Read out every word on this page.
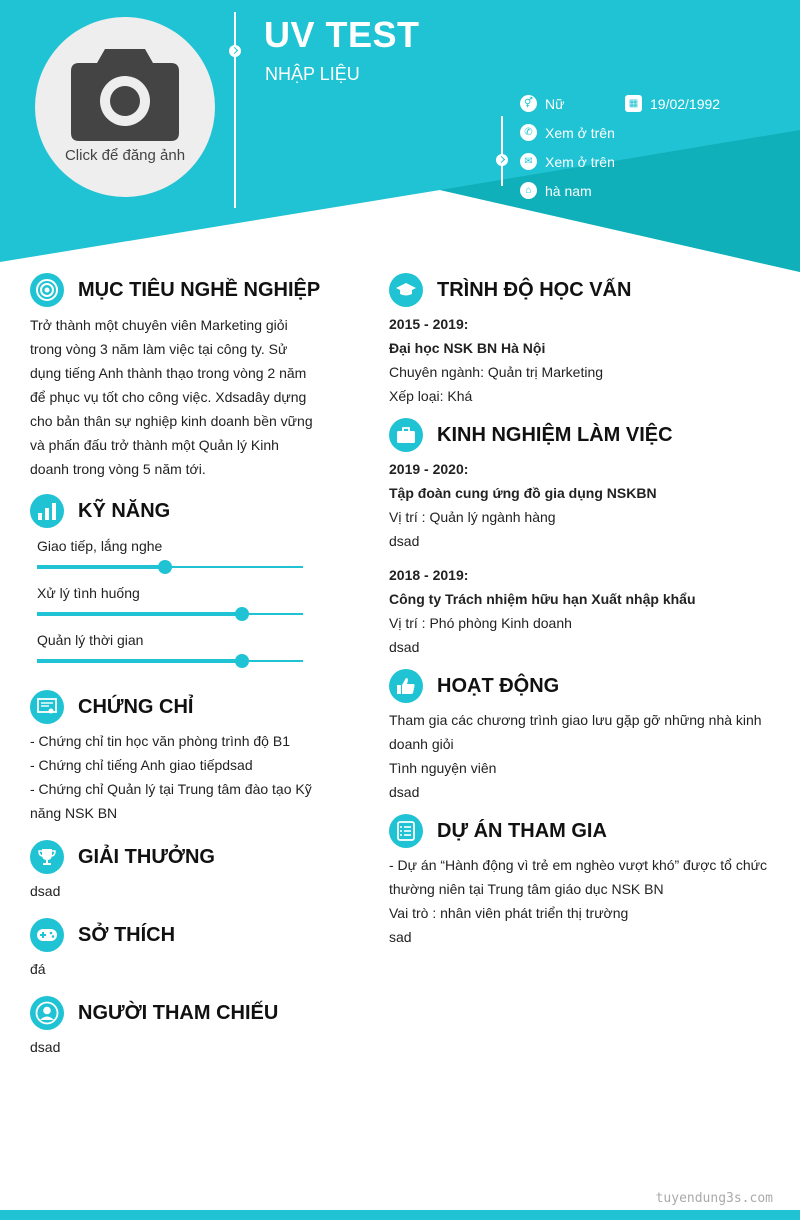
Click để đăng ảnh
UV TEST
NHẬP LIỆU
⚥ Nữ	▦ 19/02/1992
✆ Xem ở trên
✉ Xem ở trên
⌂ hà nam
MỤC TIÊU NGHỀ NGHIỆP
Trở thành một chuyên viên Marketing giỏi
trong vòng 3 năm làm việc tại công ty. Sử
dụng tiếng Anh thành thạo trong vòng 2 năm
để phục vụ tốt cho công việc. Xdsadây dựng
cho bản thân sự nghiệp kinh doanh bền vững
và phấn đấu trở thành một Quản lý Kinh
doanh trong vòng 5 năm tới.
KỸ NĂNG
Giao tiếp, lắng nghe
Xử lý tình huống
Quản lý thời gian
CHỨNG CHỈ
- Chứng chỉ tin học văn phòng trình độ B1
- Chứng chỉ tiếng Anh giao tiếpdsad
- Chứng chỉ Quản lý tại Trung tâm đào tạo Kỹ
năng NSK BN
GIẢI THƯỞNG
dsad
SỞ THÍCH
đá
NGƯỜI THAM CHIẾU
dsad
TRÌNH ĐỘ HỌC VẤN
2015 - 2019:
Đại học NSK BN Hà Nội
Chuyên ngành: Quản trị Marketing
Xếp loại: Khá
KINH NGHIỆM LÀM VIỆC
2019 - 2020:
Tập đoàn cung ứng đồ gia dụng NSKBN
Vị trí : Quản lý ngành hàng
dsad
2018 - 2019:
Công ty Trách nhiệm hữu hạn Xuất nhập khẩu
Vị trí : Phó phòng Kinh doanh
dsad
HOẠT ĐỘNG
Tham gia các chương trình giao lưu gặp gỡ những nhà kinh
doanh giỏi
Tình nguyện viên
dsad
DỰ ÁN THAM GIA
- Dự án “Hành động vì trẻ em nghèo vượt khó” được tổ chức
thường niên tại Trung tâm giáo dục NSK BN
Vai trò : nhân viên phát triển thị trường
sad
tuyendung3s.com
